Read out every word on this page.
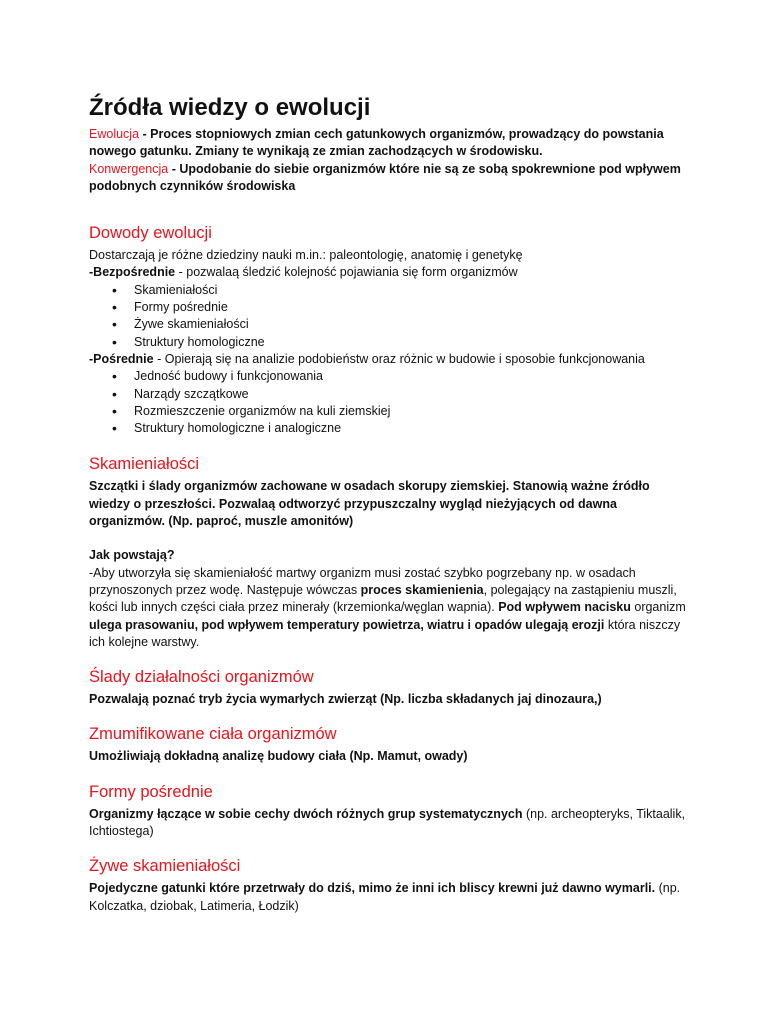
Źródła wiedzy o ewolucji

Ewolucja - Proces stopniowych zmian cech gatunkowych organizmów, prowadzący do powstania nowego gatunku. Zmiany te wynikają ze zmian zachodzących w środowisku.

Konwergencja - Upodobanie do siebie organizmów które nie są ze sobą spokrewnione pod wpływem podobnych czynników środowiska

Dowody ewolucji

Dostarczają je różne dziedziny nauki m.in.: paleontologię, anatomię i genetykę

-Bezpośrednie - pozwalaą śledzić kolejność pojawiania się form organizmów

• Skamieniałości
• Formy pośrednie
• Żywe skamieniałości
• Struktury homologiczne

-Pośrednie - Opierają się na analizie podobieństw oraz różnic w budowie i sposobie funkcjonowania

• Jedność budowy i funkcjonowania
• Narządy szczątkowe
• Rozmieszczenie organizmów na kuli ziemskiej
• Struktury homologiczne i analogiczne
Skamieniałości

Szczątki i ślady organizmów zachowane w osadach skorupy ziemskiej. Stanowią ważne źródło wiedzy o przeszłości. Pozwalaą odtworzyć przypuszczalny wygląd nieżyjących od dawna organizmów. (Np. paproć, muszle amonitów)

Jak powstają?

-Aby utworzyła się skamieniałość martwy organizm musi zostać szybko pogrzebany np. w osadach przynoszonych przez wodę. Następuje wówczas proces skamienienia, polegający na zastąpieniu muszli, kości lub innych części ciała przez minerały (krzemionka/węglan wapnia). Pod wpływem nacisku organizm ulega prasowaniu, pod wpływem temperatury powietrza, wiatru i opadów ulegają erozji która niszczy ich kolejne warstwy.

Ślady działalności organizmów

Pozwalają poznać tryb życia wymarłych zwierząt (Np. liczba składanych jaj dinozaura,)

Zmumifikowane ciała organizmów

Umożliwiają dokładną analizę budowy ciała (Np. Mamut, owady)

Formy pośrednie

Organizmy łączące w sobie cechy dwóch różnych grup systematycznych (np. archeopteryks, Tiktaalik, Ichtiostega)

Żywe skamieniałości

Pojedyczne gatunki które przetrwały do dziś, mimo że inni ich bliscy krewni już dawno wymarli. (np. Kolczatka, dziobak, Latimeria, Łodzik)
